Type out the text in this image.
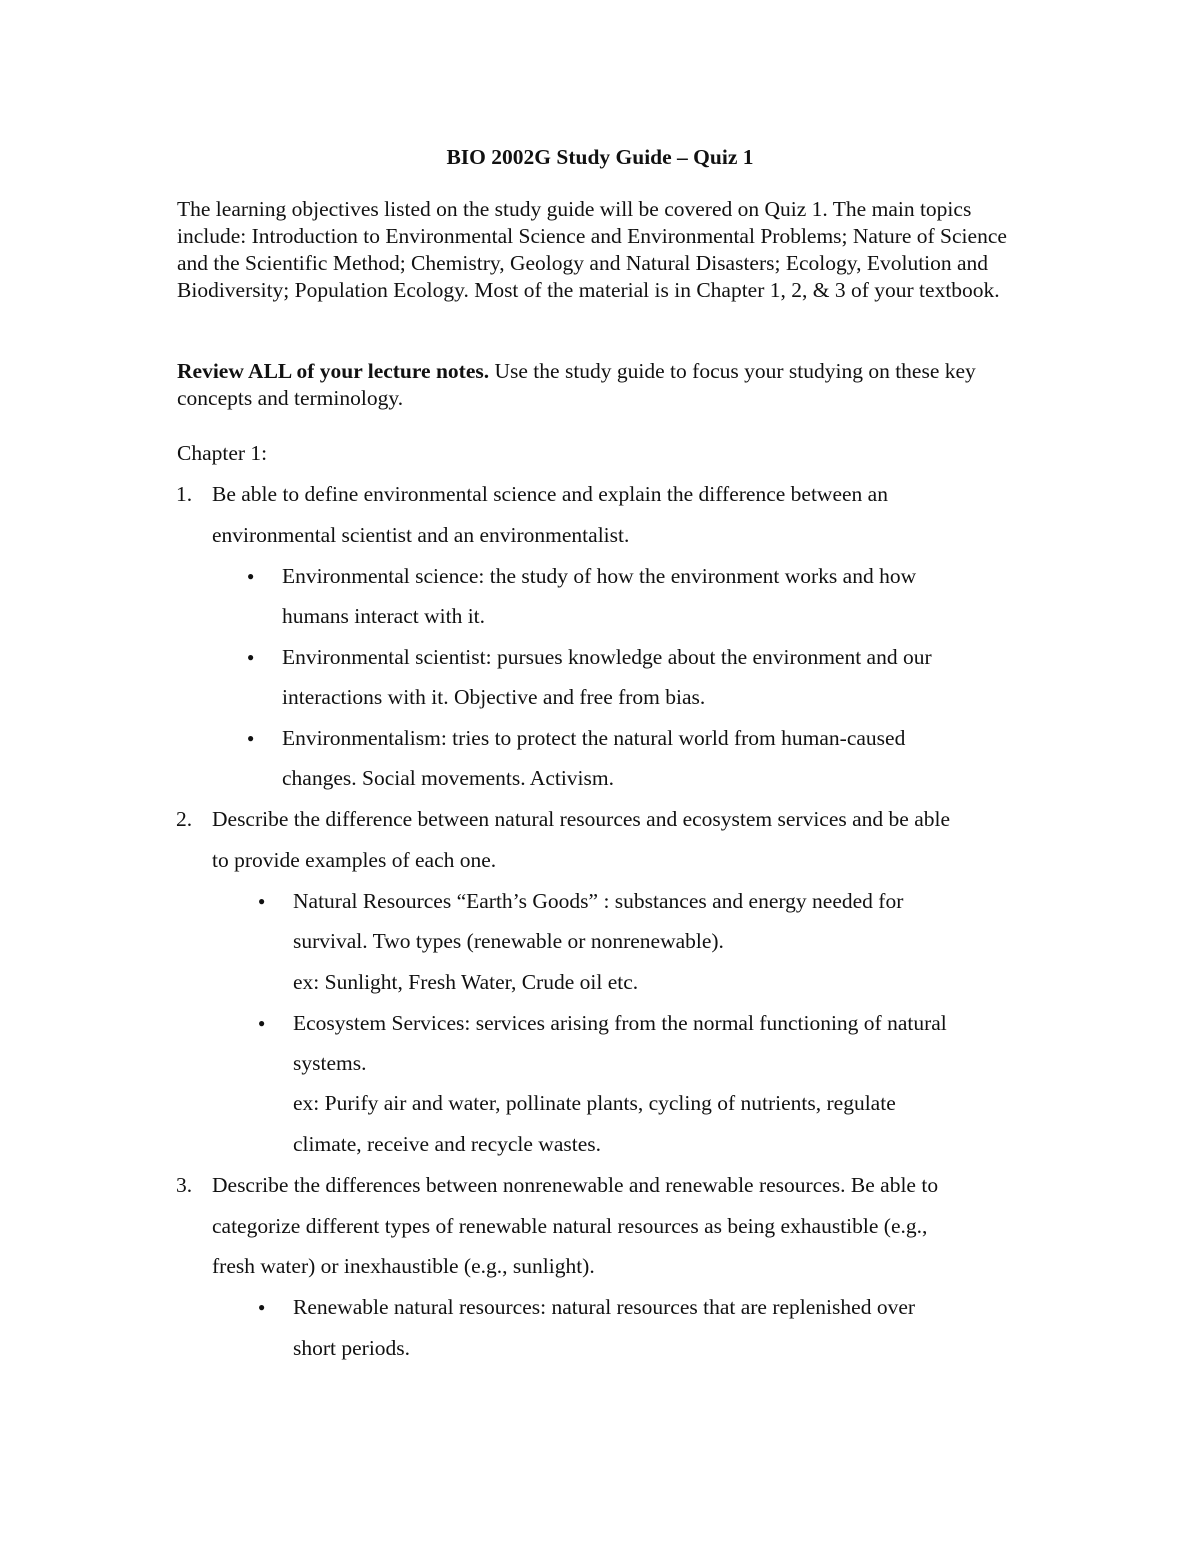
BIO 2002G Study Guide – Quiz 1

The learning objectives listed on the study guide will be covered on Quiz 1. The main topics include: Introduction to Environmental Science and Environmental Problems; Nature of Science and the Scientific Method; Chemistry, Geology and Natural Disasters; Ecology, Evolution and Biodiversity; Population Ecology. Most of the material is in Chapter 1, 2, & 3 of your textbook.

Review ALL of your lecture notes. Use the study guide to focus your studying on these key concepts and terminology.

Chapter 1:
1. Be able to define environmental science and explain the difference between an
environmental scientist and an environmentalist.
● Environmental science: the study of how the environment works and how
humans interact with it.
● Environmental scientist: pursues knowledge about the environment and our
interactions with it. Objective and free from bias.
● Environmentalism: tries to protect the natural world from human-caused
changes. Social movements. Activism.
2. Describe the difference between natural resources and ecosystem services and be able
to provide examples of each one.
● Natural Resources “Earth’s Goods” : substances and energy needed for
survival. Two types (renewable or nonrenewable).
ex: Sunlight, Fresh Water, Crude oil etc.
● Ecosystem Services: services arising from the normal functioning of natural
systems.
ex: Purify air and water, pollinate plants, cycling of nutrients, regulate
climate, receive and recycle wastes.
3. Describe the differences between nonrenewable and renewable resources. Be able to
categorize different types of renewable natural resources as being exhaustible (e.g.,
fresh water) or inexhaustible (e.g., sunlight).
● Renewable natural resources: natural resources that are replenished over
short periods.
